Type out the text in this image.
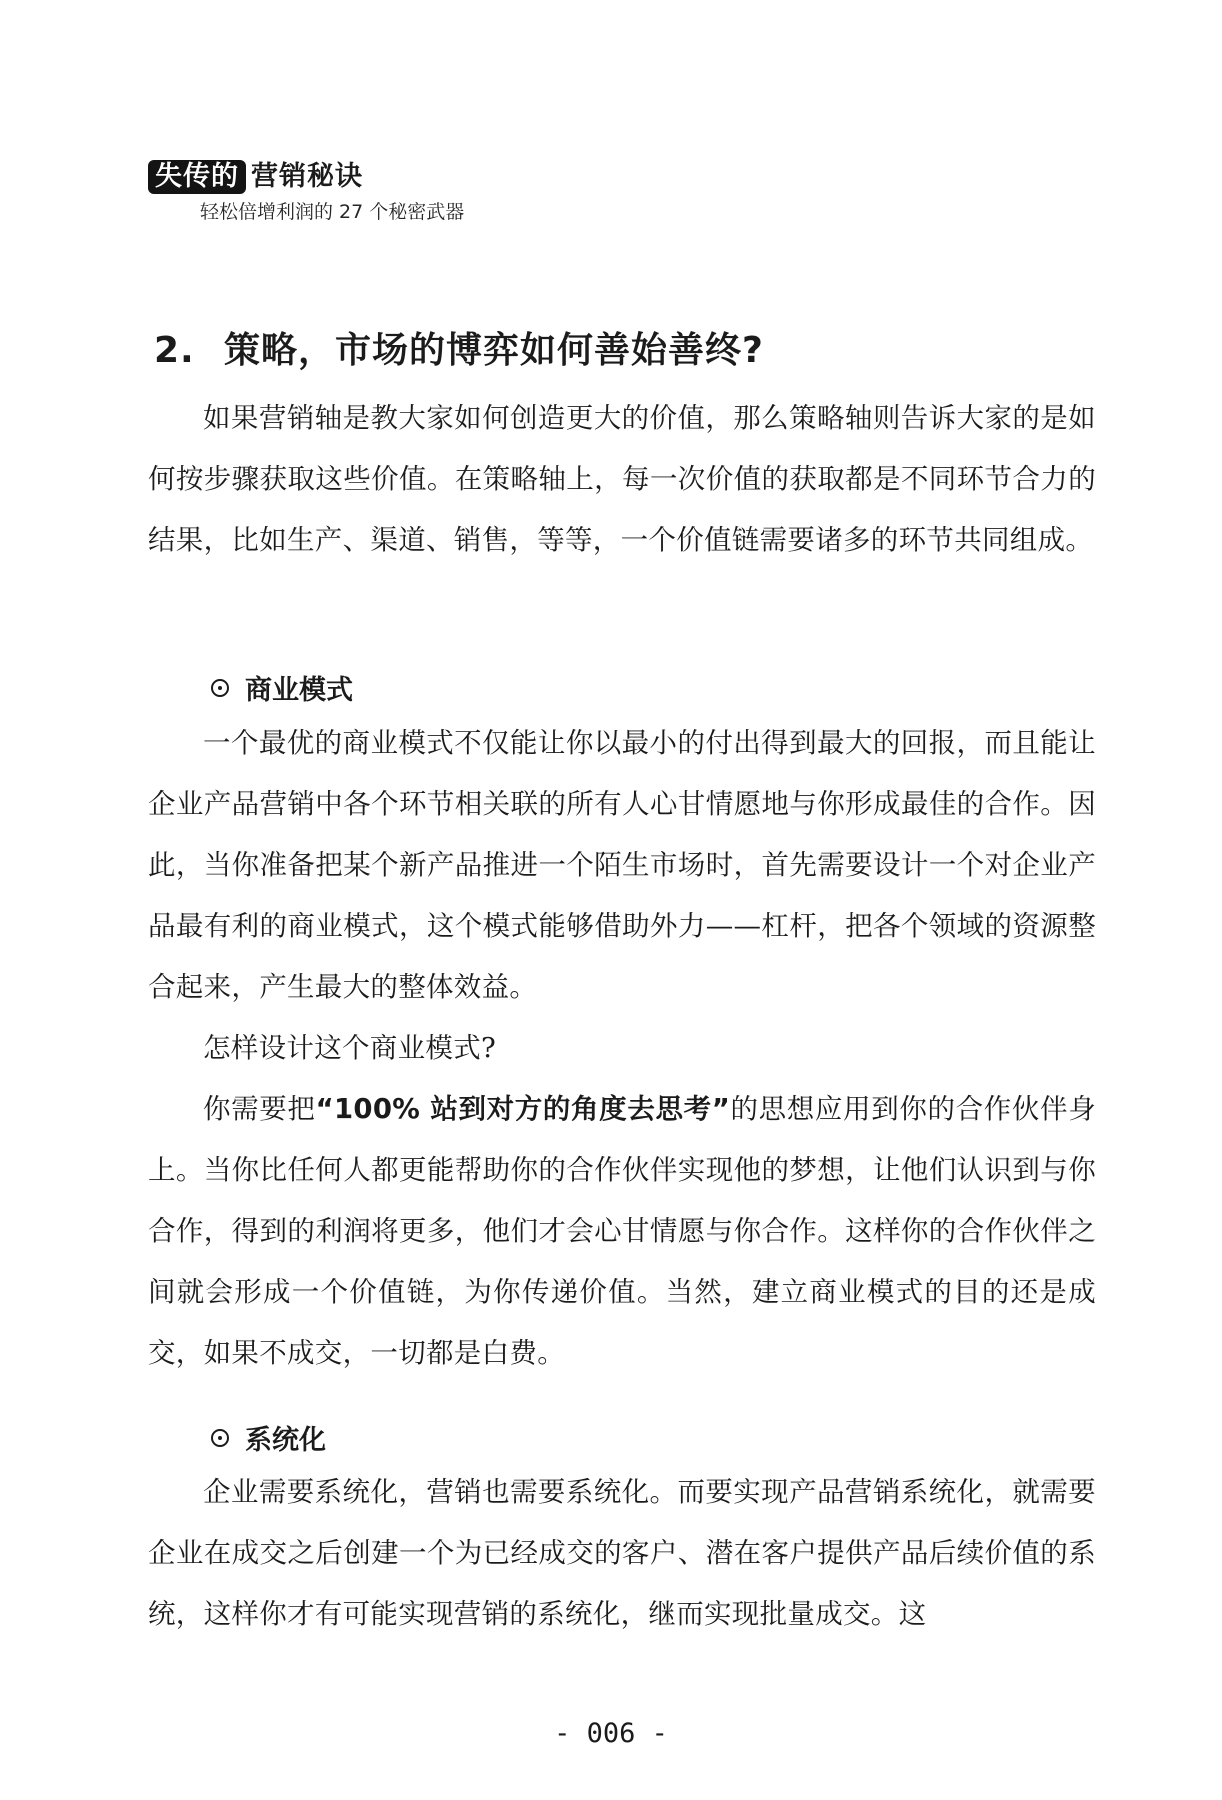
失传的 营销秘诀
轻松倍增利润的 27 个秘密武器
2. 策略，市场的博弈如何善始善终?

如果营销轴是教大家如何创造更大的价值，那么策略轴则告诉大家的是如何按步骤获取这些价值。在策略轴上，每一次价值的获取都是不同环节合力的结果，比如生产、渠道、销售，等等，一个价值链需要诸多的环节共同组成。

商业模式

一个最优的商业模式不仅能让你以最小的付出得到最大的回报，而且能让企业产品营销中各个环节相关联的所有人心甘情愿地与你形成最佳的合作。因此，当你准备把某个新产品推进一个陌生市场时，首先需要设计一个对企业产品最有利的商业模式，这个模式能够借助外力——杠杆，把各个领域的资源整合起来，产生最大的整体效益。

怎样设计这个商业模式?

你需要把“100% 站到对方的角度去思考”的思想应用到你的合作伙伴身上。当你比任何人都更能帮助你的合作伙伴实现他的梦想，让他们认识到与你合作，得到的利润将更多，他们才会心甘情愿与你合作。这样你的合作伙伴之间就会形成一个价值链，为你传递价值。当然，建立商业模式的目的还是成交，如果不成交，一切都是白费。

系统化

企业需要系统化，营销也需要系统化。而要实现产品营销系统化，就需要企业在成交之后创建一个为已经成交的客户、潜在客户提供产品后续价值的系统，这样你才有可能实现营销的系统化，继而实现批量成交。这

- 006 -
